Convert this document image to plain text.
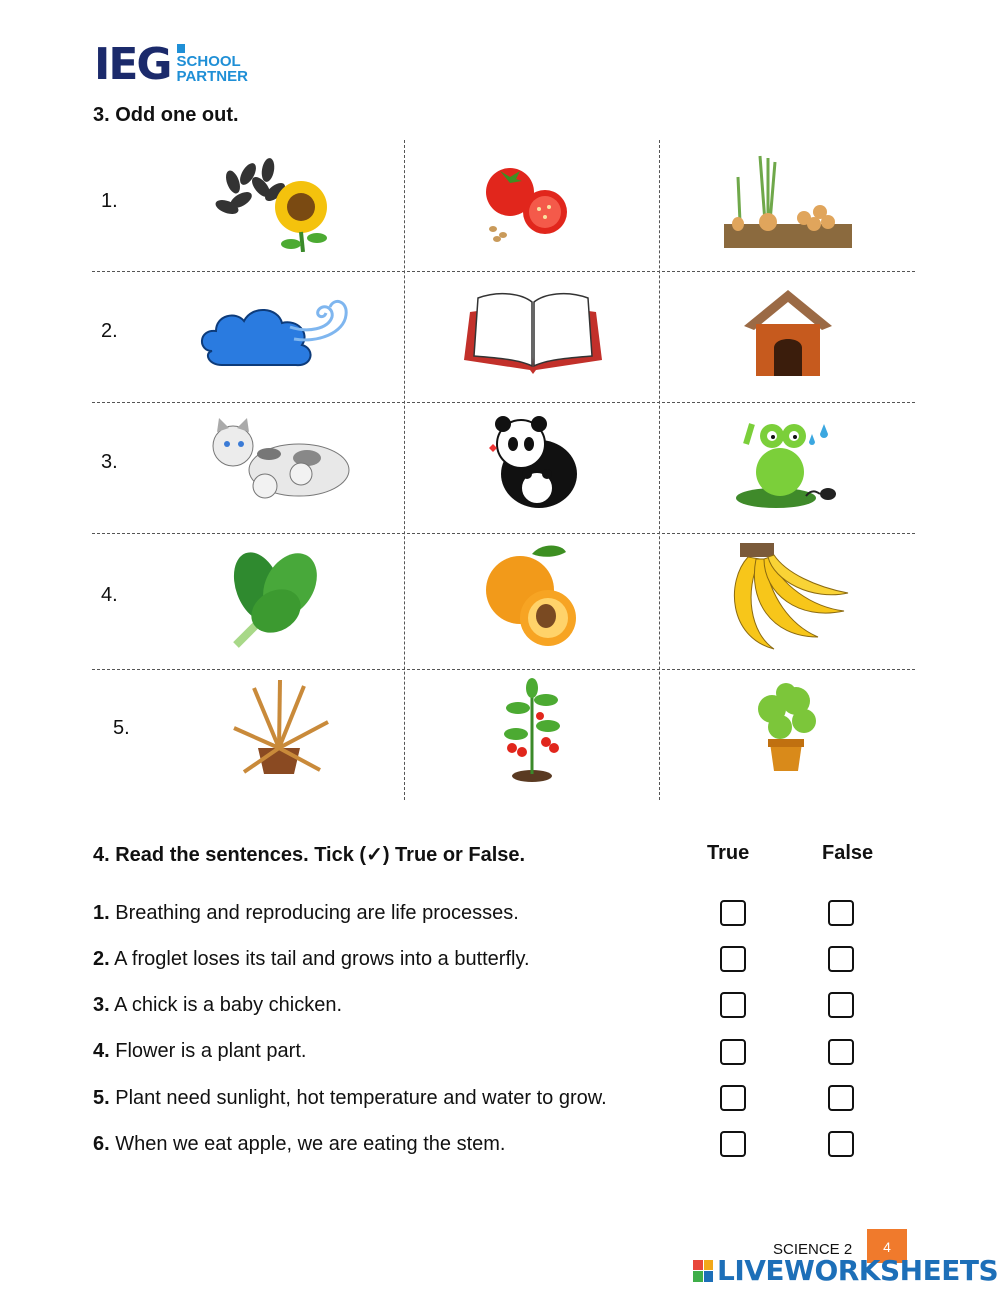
IEG SCHOOL
PARTNER
3. Odd one out.
1.
2.
3.
4.
5.
4. Read the sentences. Tick (✓) True or False.	True	False
1. Breathing and reproducing are life processes.
2. A froglet loses its tail and grows into a butterfly.
3. A chick is a baby chicken.
4. Flower is a plant part.
5. Plant need sunlight, hot temperature and water to grow.
6. When we eat apple, we are eating the stem.
4
SCIENCE 2
LIVEWORKSHEETS
